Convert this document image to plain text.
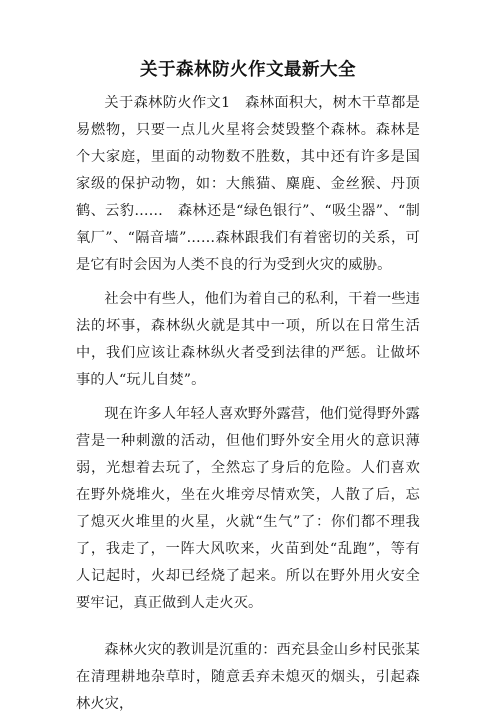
关于森林防火作文最新大全

关于森林防火作文1　森林面积大，树木干草都是易燃物，只要一点儿火星将会焚毁整个森林。森林是个大家庭，里面的动物数不胜数，其中还有许多是国家级的保护动物，如：大熊猫、麋鹿、金丝猴、丹顶鹤、云豹……　森林还是“绿色银行”、“吸尘器”、“制氧厂”、“隔音墙”……森林跟我们有着密切的关系，可是它有时会因为人类不良的行为受到火灾的威胁。

社会中有些人，他们为着自己的私利，干着一些违法的坏事，森林纵火就是其中一项，所以在日常生活中，我们应该让森林纵火者受到法律的严惩。让做坏事的人“玩儿自焚”。

现在许多人年轻人喜欢野外露营，他们觉得野外露营是一种刺激的活动，但他们野外安全用火的意识薄弱，光想着去玩了，全然忘了身后的危险。人们喜欢在野外烧堆火，坐在火堆旁尽情欢笑，人散了后，忘了熄灭火堆里的火星，火就“生气”了：你们都不理我了，我走了，一阵大风吹来，火苗到处“乱跑”，等有人记起时，火却已经烧了起来。所以在野外用火安全要牢记，真正做到人走火灭。

森林火灾的教训是沉重的：西充县金山乡村民张某在清理耕地杂草时，随意丢弃未熄灭的烟头，引起森林火灾，
